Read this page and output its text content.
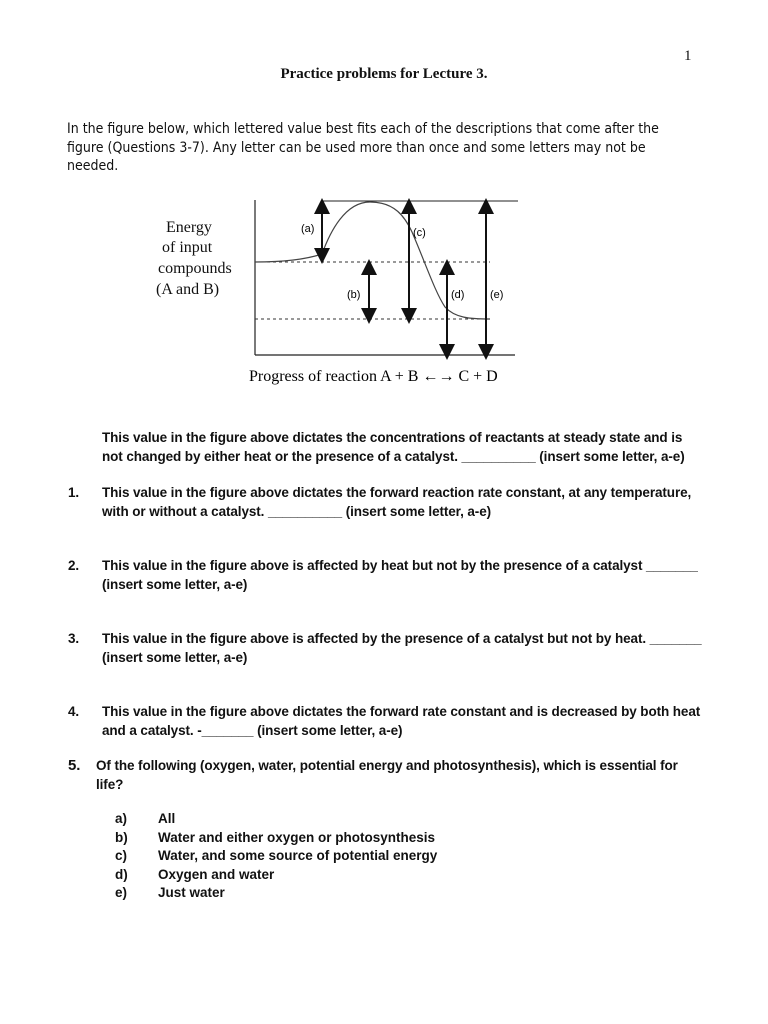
1
Practice problems for Lecture 3.
In the figure below, which lettered value best fits each of the descriptions that come after the figure (Questions 3-7). Any letter can be used more than once and some letters may not be needed.
Energy
of input
compounds
(A and B)
(a)
(b)
(c)
(d) (e)
Progress of reaction A + B ←→ C + D
This value in the figure above dictates the concentrations of reactants at steady state and is not changed by either heat or the presence of a catalyst. __________ (insert some letter, a-e)
1. This value in the figure above dictates the forward reaction rate constant, at any temperature, with or without a catalyst. __________ (insert some letter, a-e)
2. This value in the figure above is affected by heat but not by the presence of a catalyst _______ (insert some letter, a-e)
3. This value in the figure above is affected by the presence of a catalyst but not by heat. _______ (insert some letter, a-e)
4. This value in the figure above dictates the forward rate constant and is decreased by both heat and a catalyst. -_______ (insert some letter, a-e)
5. Of the following (oxygen, water, potential energy and photosynthesis), which is essential for life?
a) All
b) Water and either oxygen or photosynthesis
c) Water, and some source of potential energy
d) Oxygen and water
e) Just water
